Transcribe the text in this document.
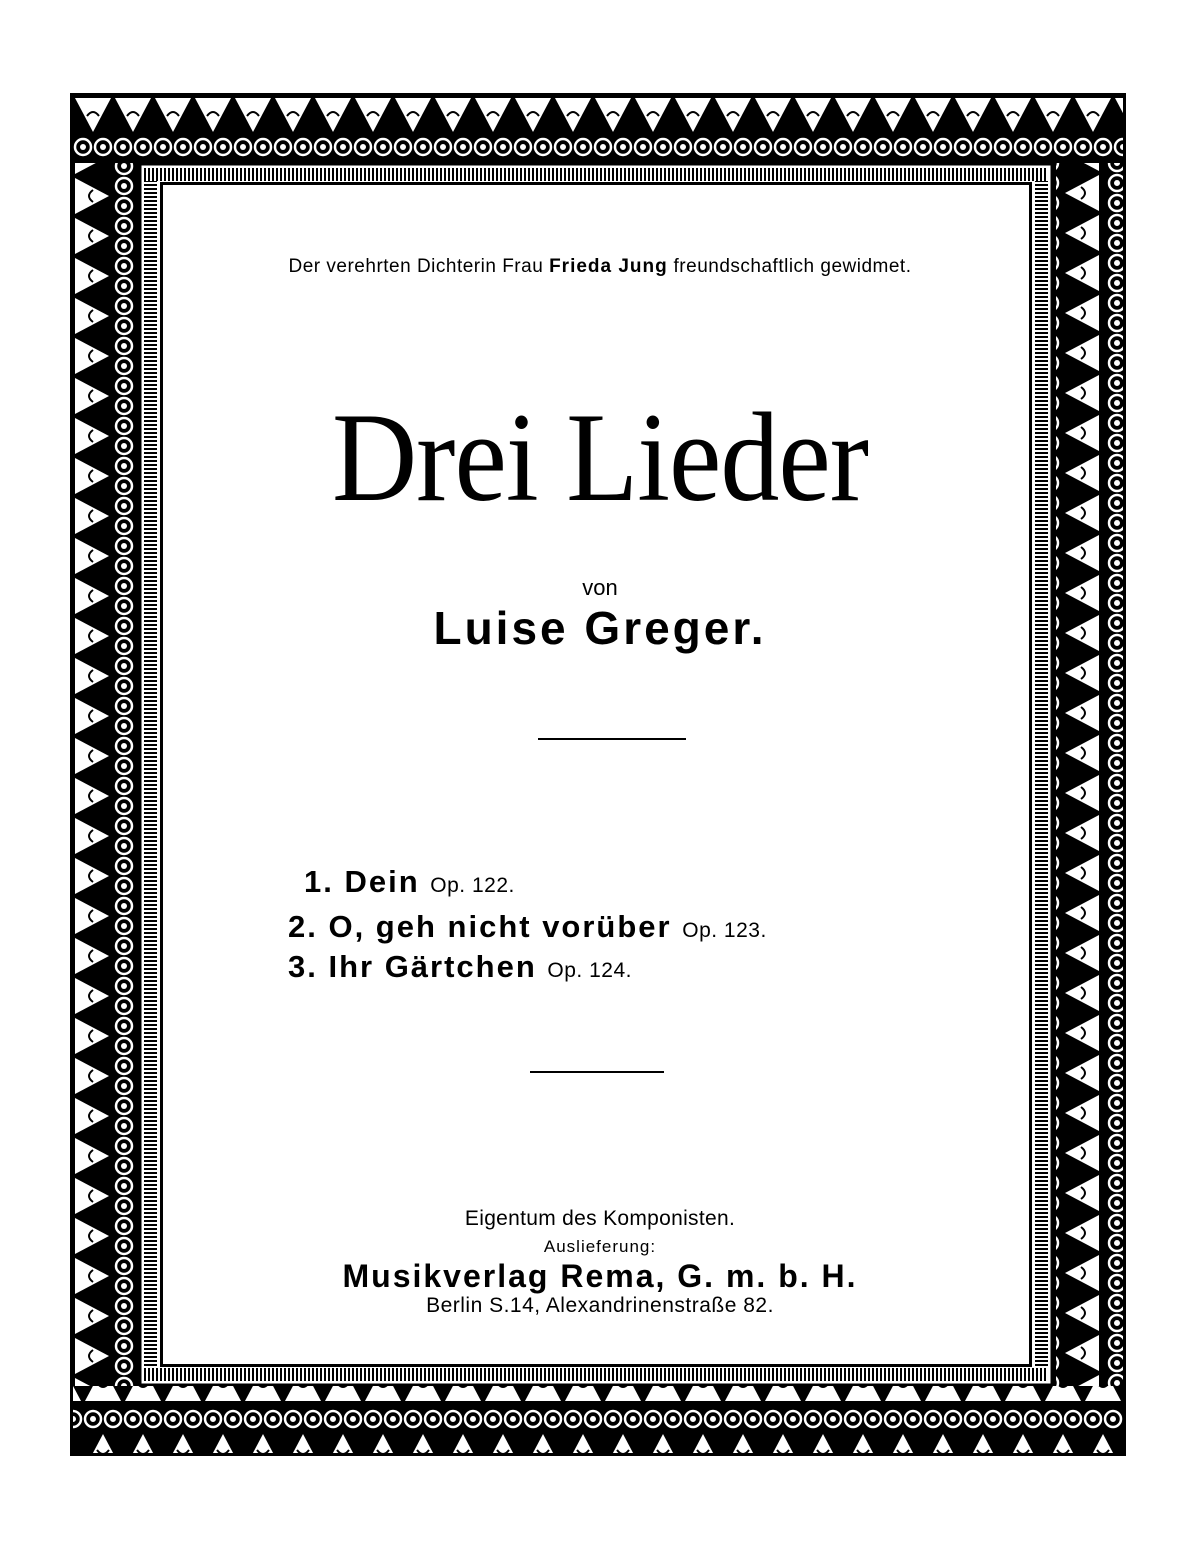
Der verehrten Dichterin Frau Frieda Jung freundschaftlich gewidmet.
Drei Lieder
von
Luise Greger.
1. Dein Op. 122.
2. O, geh nicht vorüber Op. 123.
3. Ihr Gärtchen Op. 124.
Eigentum des Komponisten.
Auslieferung:
Musikverlag Rema, G. m. b. H.
Berlin S.14, Alexandrinenstraße 82.
